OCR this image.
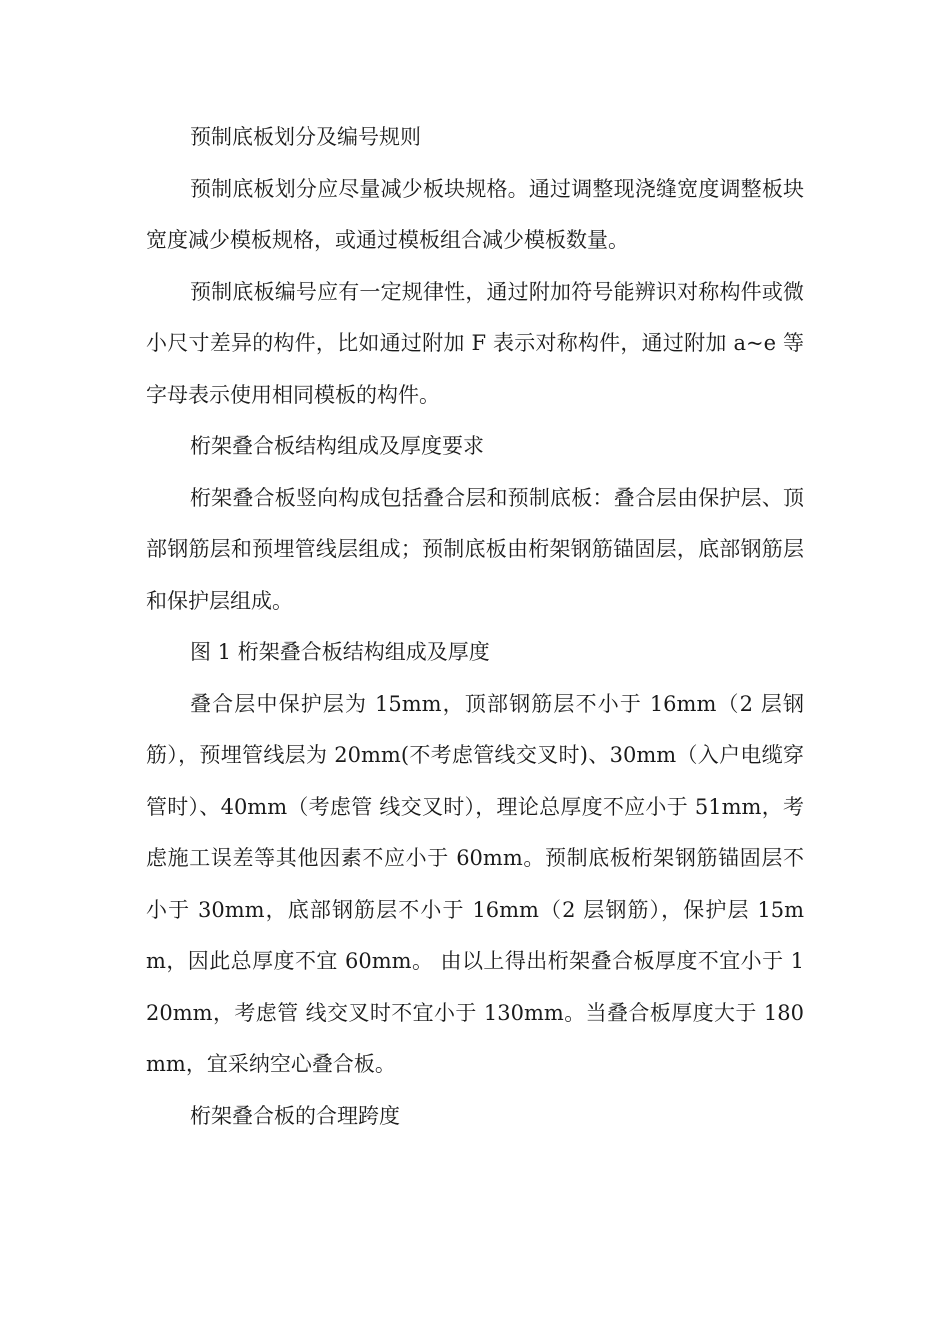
预制底板划分及编号规则

预制底板划分应尽量减少板块规格。通过调整现浇缝宽度调整板块宽度减少模板规格，或通过模板组合减少模板数量。

预制底板编号应有一定规律性，通过附加符号能辨识对称构件或微小尺寸差异的构件，比如通过附加 F 表示对称构件，通过附加 a~e 等字母表示使用相同模板的构件。

桁架叠合板结构组成及厚度要求

桁架叠合板竖向构成包括叠合层和预制底板：叠合层由保护层、顶部钢筋层和预埋管线层组成；预制底板由桁架钢筋锚固层，底部钢筋层和保护层组成。

图 1 桁架叠合板结构组成及厚度

叠合层中保护层为 15mm，顶部钢筋层不小于 16mm（2 层钢筋），预埋管线层为 20mm(不考虑管线交叉时)、30mm（入户电缆穿管时）、40mm（考虑管 线交叉时），理论总厚度不应小于 51mm，考虑施工误差等其他因素不应小于 60mm。预制底板桁架钢筋锚固层不小于 30mm，底部钢筋层不小于 16mm（2 层钢筋），保护层 15mm，因此总厚度不宜 60mm。 由以上得出桁架叠合板厚度不宜小于 120mm，考虑管 线交叉时不宜小于 130mm。当叠合板厚度大于 180mm，宜采纳空心叠合板。

桁架叠合板的合理跨度
